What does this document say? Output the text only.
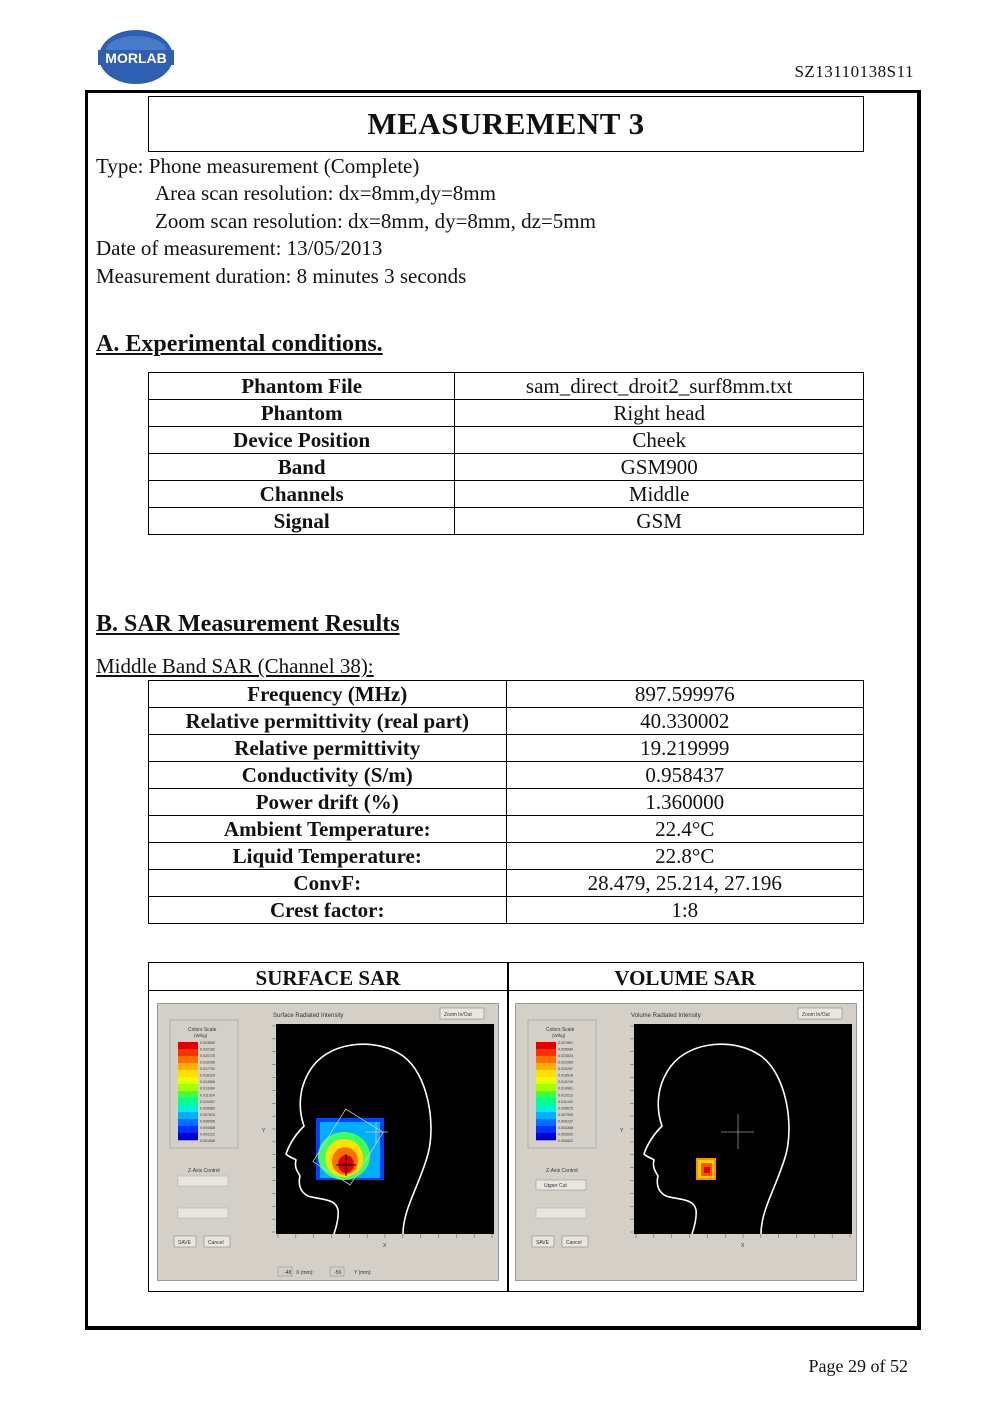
MORLAB
SZ13110138S11
MEASUREMENT 3
Type: Phone measurement (Complete)
Area scan resolution: dx=8mm,dy=8mm
Zoom scan resolution: dx=8mm, dy=8mm, dz=5mm
Date of measurement: 13/05/2013
Measurement duration: 8 minutes 3 seconds
A. Experimental conditions.
Phantom File	sam_direct_droit2_surf8mm.txt
Phantom	Right head
Device Position	Cheek
Band	GSM900
Channels	Middle
Signal	GSM
B. SAR Measurement Results
Middle Band SAR (Channel 38):
Frequency (MHz)	897.599976
Relative permittivity (real part)	40.330002
Relative permittivity	19.219999
Conductivity (S/m)	0.958437
Power drift (%)	1.360000
Ambient Temperature:	22.4°C
Liquid Temperature:	22.8°C
ConvF:	28.479, 25.214, 27.196
Crest factor:	1:8
SURFACE SAR	VOLUME SAR
Surface Radiated Intensity	Zoom In/Out
Colors Scale
(W/kg)
0.023859
0.022182
0.020725
0.019266
0.017792
0.016324
0.014856
0.013389
0.011924
0.010457
0.008989
0.007523
0.006055
0.004588
0.003122
0.001556
Z-Axis Control
SAVE	Cancel
Y
X
-48 X (mm):	-56	Y (mm):
Volume Radiated Intensity	Zoom In/Out
Colors Scale
(W/kg)
0.027861
0.025980
0.023824
0.022065
0.020287
0.018518
0.016749
0.014981
0.013212
0.011443
0.009675
0.007906
0.006137
0.004368
0.002600
0.000831
Z-Axis Control
Upper Cut
SAVE	Cancel
Y
X
Page 29 of 52
